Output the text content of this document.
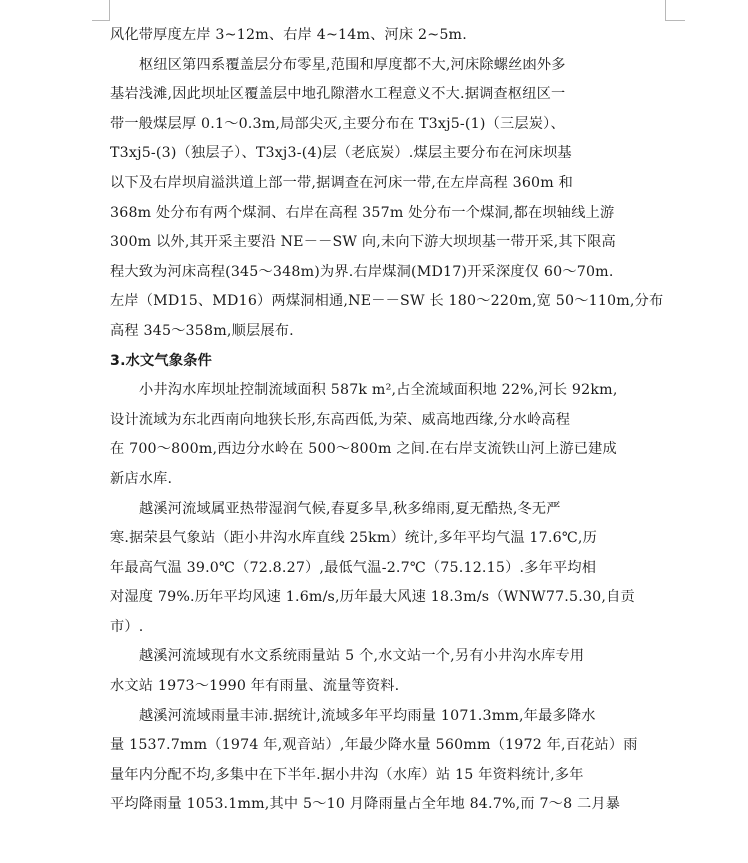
风化带厚度左岸 3~12m、右岸 4~14m、河床 2~5m.
枢纽区第四系覆盖层分布零星,范围和厚度都不大,河床除螺丝凼外多
基岩浅滩,因此坝址区覆盖层中地孔隙潜水工程意义不大.据调查枢纽区一
带一般煤层厚 0.1～0.3m,局部尖灭,主要分布在 T3xj5-(1)（三层炭）、
T3xj5-(3)（独层子）、T3xj3-(4)层（老底炭）.煤层主要分布在河床坝基
以下及右岸坝肩溢洪道上部一带,据调查在河床一带,在左岸高程 360m 和
368m 处分布有两个煤洞、右岸在高程 357m 处分布一个煤洞,都在坝轴线上游
300m 以外,其开采主要沿 NE－－SW 向,未向下游大坝坝基一带开采,其下限高
程大致为河床高程(345～348m)为界.右岸煤洞(MD17)开采深度仅 60～70m.
左岸（MD15、MD16）两煤洞相通,NE－－SW 长 180～220m,宽 50～110m,分布
高程 345～358m,顺层展布.
3.水文气象条件
小井沟水库坝址控制流域面积 587k m²,占全流域面积地 22%,河长 92km,
设计流域为东北西南向地狭长形,东高西低,为荣、威高地西缘,分水岭高程
在 700～800m,西边分水岭在 500～800m 之间.在右岸支流铁山河上游已建成
新店水库.
越溪河流域属亚热带湿润气候,春夏多旱,秋多绵雨,夏无酷热,冬无严
寒.据荣县气象站（距小井沟水库直线 25km）统计,多年平均气温 17.6℃,历
年最高气温 39.0℃（72.8.27）,最低气温-2.7℃（75.12.15）.多年平均相
对湿度 79%.历年平均风速 1.6m/s,历年最大风速 18.3m/s（WNW77.5.30,自贡
市）.
越溪河流域现有水文系统雨量站 5 个,水文站一个,另有小井沟水库专用
水文站 1973～1990 年有雨量、流量等资料.
越溪河流域雨量丰沛.据统计,流域多年平均雨量 1071.3mm,年最多降水
量 1537.7mm（1974 年,观音站）,年最少降水量 560mm（1972 年,百花站）雨
量年内分配不均,多集中在下半年.据小井沟（水库）站 15 年资料统计,多年
平均降雨量 1053.1mm,其中 5～10 月降雨量占全年地 84.7%,而 7～8 二月暴
